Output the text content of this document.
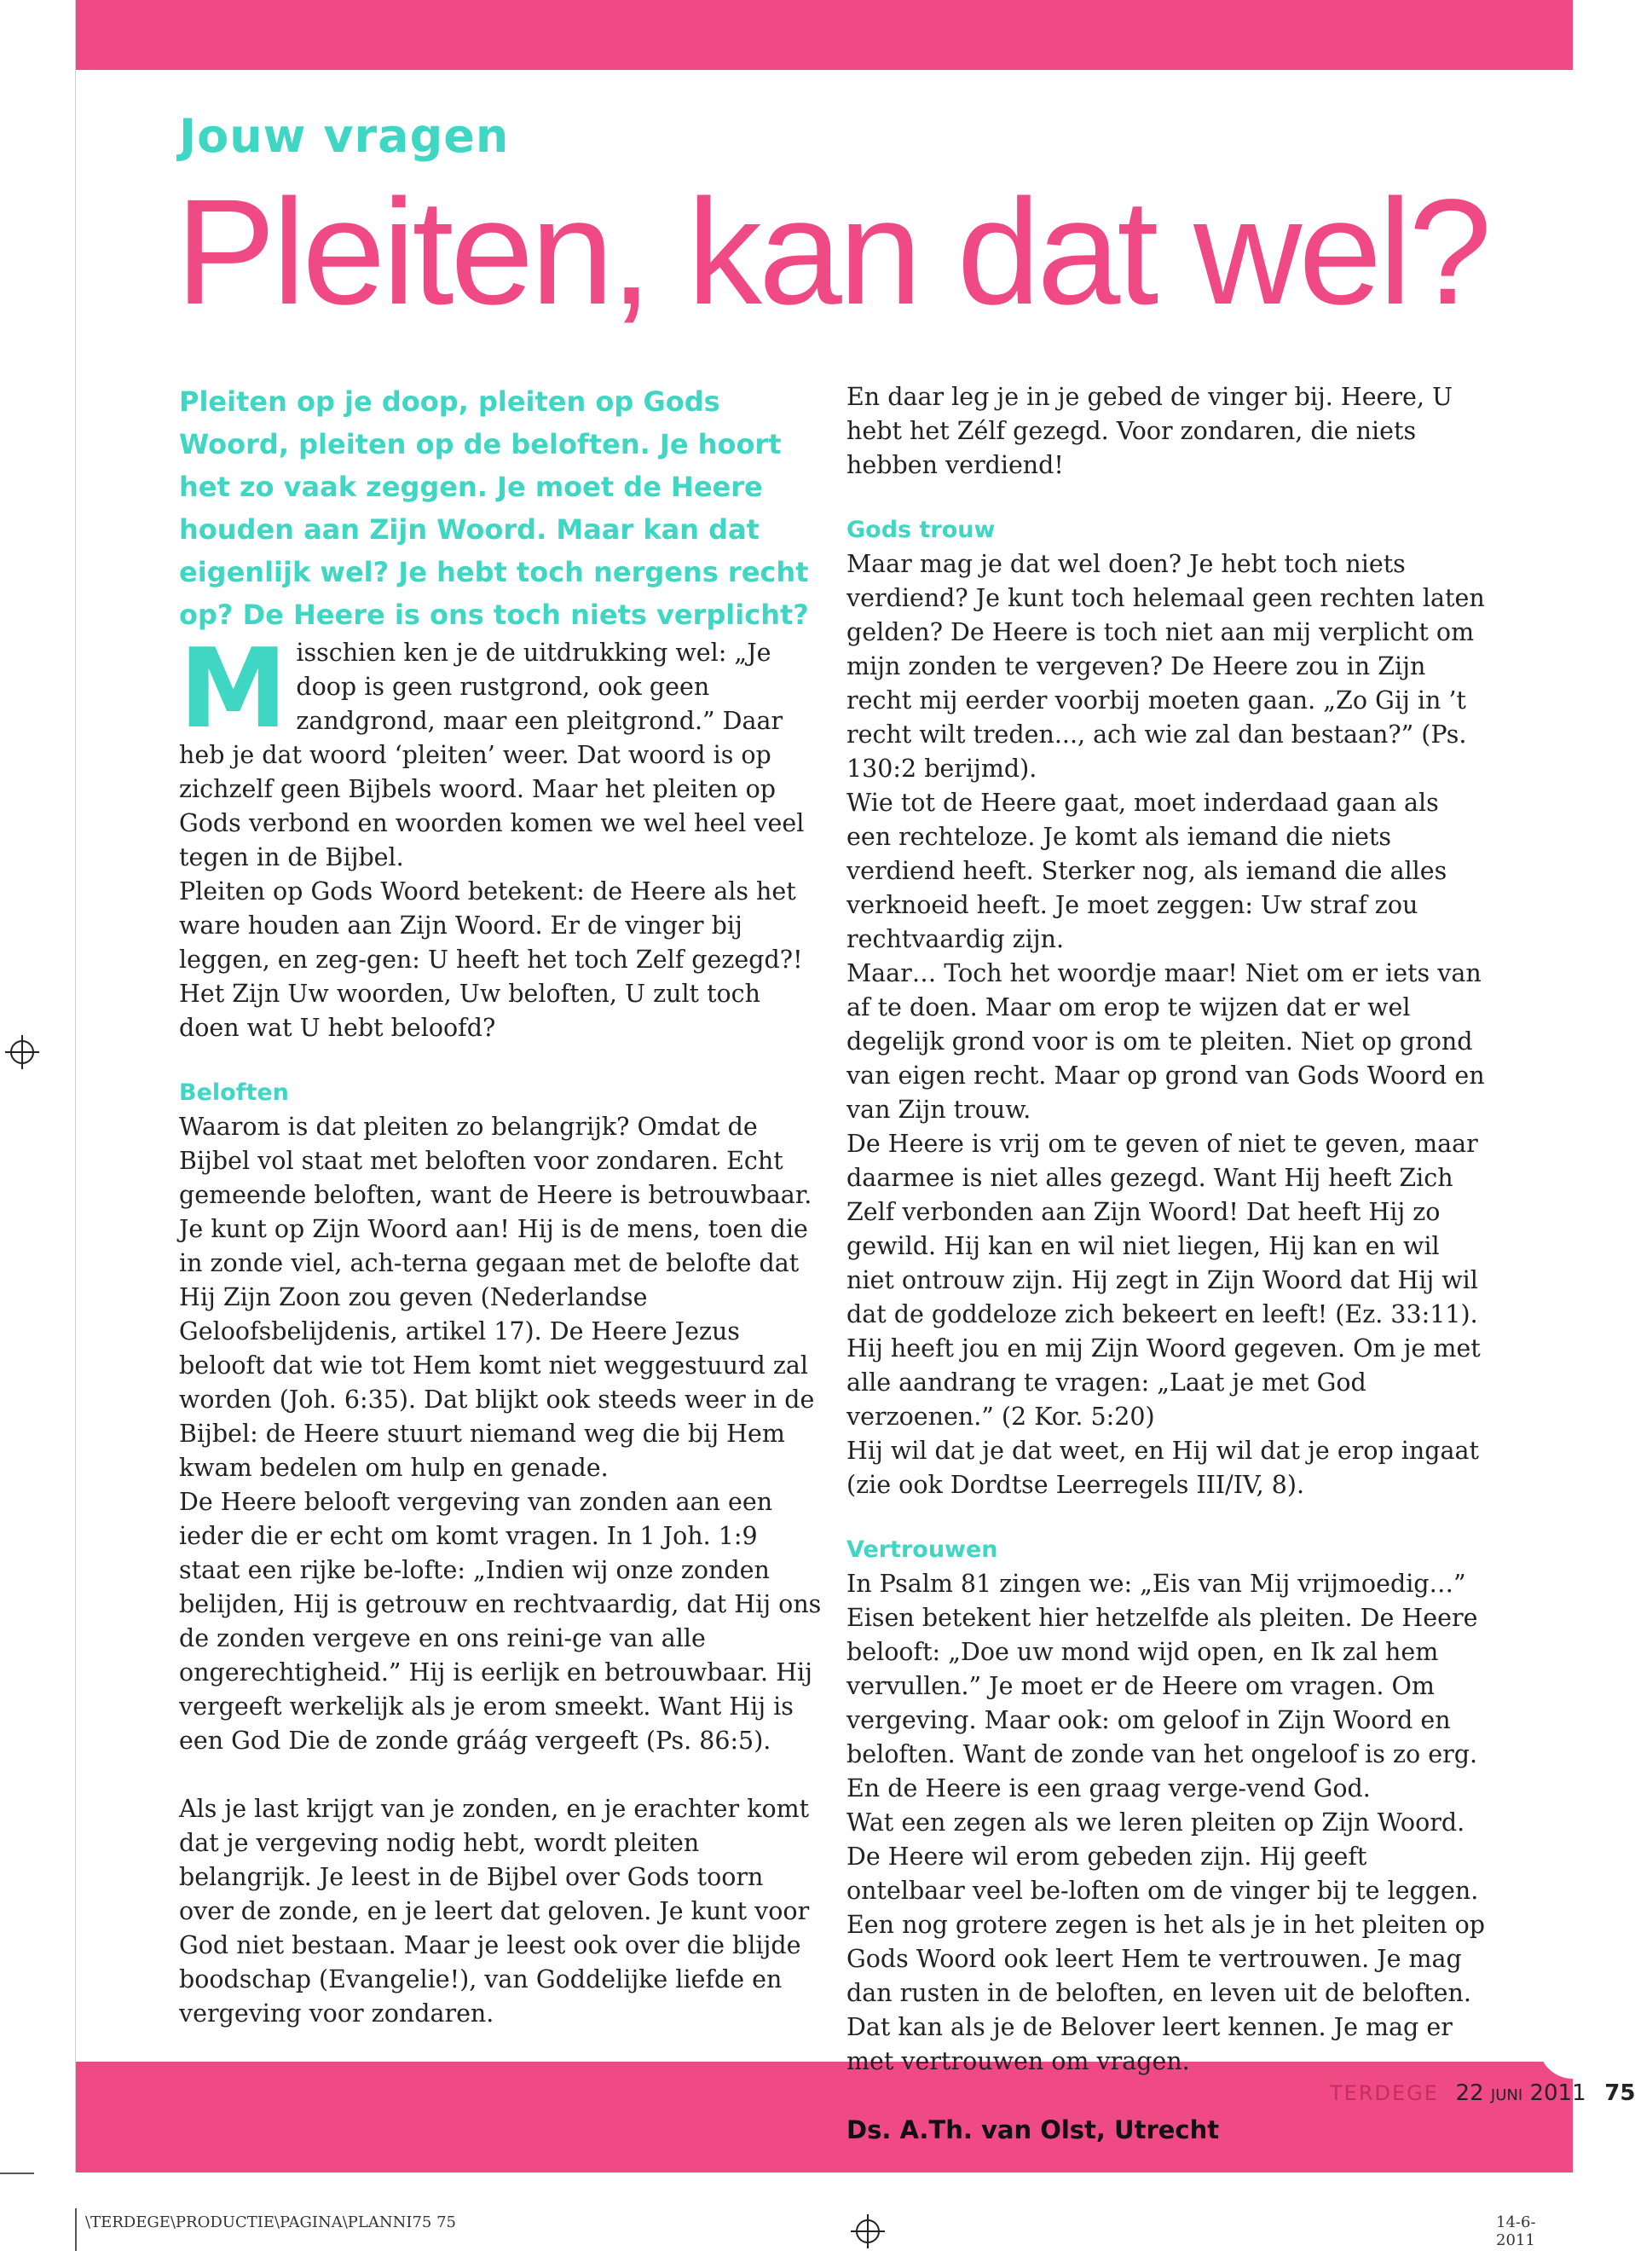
Jouw vragen
Pleiten, kan dat wel?

Pleiten op je doop, pleiten op Gods Woord, pleiten op de beloften. Je hoort het zo vaak zeggen. Je moet de Heere houden aan Zijn Woord. Maar kan dat eigenlijk wel? Je hebt toch nergens recht op? De Heere is ons toch niets verplicht?

Misschien ken je de uitdrukking wel: „Je doop is geen rustgrond, ook geen zandgrond, maar een pleitgrond.” Daar heb je dat woord ‘pleiten’ weer. Dat woord is op zichzelf geen Bijbels woord. Maar het pleiten op Gods verbond en woorden komen we wel heel veel tegen in de Bijbel.

Pleiten op Gods Woord betekent: de Heere als het ware houden aan Zijn Woord. Er de vinger bij leggen, en zeg-gen: U heeft het toch Zelf gezegd?! Het Zijn Uw woorden, Uw beloften, U zult toch doen wat U hebt beloofd?

Beloften

Waarom is dat pleiten zo belangrijk? Omdat de Bijbel vol staat met beloften voor zondaren. Echt gemeende beloften, want de Heere is betrouwbaar. Je kunt op Zijn Woord aan! Hij is de mens, toen die in zonde viel, ach-terna gegaan met de belofte dat Hij Zijn Zoon zou geven (Nederlandse Geloofsbelijdenis, artikel 17). De Heere Jezus belooft dat wie tot Hem komt niet weggestuurd zal worden (Joh. 6:35). Dat blijkt ook steeds weer in de Bijbel: de Heere stuurt niemand weg die bij Hem kwam bedelen om hulp en genade.

De Heere belooft vergeving van zonden aan een ieder die er echt om komt vragen. In 1 Joh. 1:9 staat een rijke be-lofte: „Indien wij onze zonden belijden, Hij is getrouw en rechtvaardig, dat Hij ons de zonden vergeve en ons reini-ge van alle ongerechtigheid.” Hij is eerlijk en betrouwbaar. Hij vergeeft werkelijk als je erom smeekt. Want Hij is een God Die de zonde gráág vergeeft (Ps. 86:5).

Als je last krijgt van je zonden, en je erachter komt dat je vergeving nodig hebt, wordt pleiten belangrijk. Je leest in de Bijbel over Gods toorn over de zonde, en je leert dat geloven. Je kunt voor God niet bestaan. Maar je leest ook over die blijde boodschap (Evangelie!), van Goddelijke liefde en vergeving voor zondaren.

En daar leg je in je gebed de vinger bij. Heere, U hebt het Zélf gezegd. Voor zondaren, die niets hebben verdiend!

Gods trouw

Maar mag je dat wel doen? Je hebt toch niets verdiend? Je kunt toch helemaal geen rechten laten gelden? De Heere is toch niet aan mij verplicht om mijn zonden te vergeven? De Heere zou in Zijn recht mij eerder voorbij moeten gaan. „Zo Gij in ’t recht wilt treden..., ach wie zal dan bestaan?” (Ps. 130:2 berijmd).

Wie tot de Heere gaat, moet inderdaad gaan als een rechteloze. Je komt als iemand die niets verdiend heeft. Sterker nog, als iemand die alles verknoeid heeft. Je moet zeggen: Uw straf zou rechtvaardig zijn.

Maar… Toch het woordje maar! Niet om er iets van af te doen. Maar om erop te wijzen dat er wel degelijk grond voor is om te pleiten. Niet op grond van eigen recht. Maar op grond van Gods Woord en van Zijn trouw.

De Heere is vrij om te geven of niet te geven, maar daarmee is niet alles gezegd. Want Hij heeft Zich Zelf verbonden aan Zijn Woord! Dat heeft Hij zo gewild. Hij kan en wil niet liegen, Hij kan en wil niet ontrouw zijn. Hij zegt in Zijn Woord dat Hij wil dat de goddeloze zich bekeert en leeft! (Ez. 33:11).

Hij heeft jou en mij Zijn Woord gegeven. Om je met alle aandrang te vragen: „Laat je met God verzoenen.” (2 Kor. 5:20)

Hij wil dat je dat weet, en Hij wil dat je erop ingaat (zie ook Dordtse Leerregels III/IV, 8).

Vertrouwen

In Psalm 81 zingen we: „Eis van Mij vrijmoedig…” Eisen betekent hier hetzelfde als pleiten. De Heere belooft: „Doe uw mond wijd open, en Ik zal hem vervullen.” Je moet er de Heere om vragen. Om vergeving. Maar ook: om geloof in Zijn Woord en beloften. Want de zonde van het ongeloof is zo erg. En de Heere is een graag verge-vend God.

Wat een zegen als we leren pleiten op Zijn Woord. De Heere wil erom gebeden zijn. Hij geeft ontelbaar veel be-loften om de vinger bij te leggen. Een nog grotere zegen is het als je in het pleiten op Gods Woord ook leert Hem te vertrouwen. Je mag dan rusten in de beloften, en leven uit de beloften. Dat kan als je de Belover leert kennen. Je mag er met vertrouwen om vragen.

Ds. A.Th. van Olst, Utrecht

TERDEGE 22 JUNI 2011 75
\TERDEGE\PRODUCTIE\PAGINA\PLANNI75 75	14-6-2011
